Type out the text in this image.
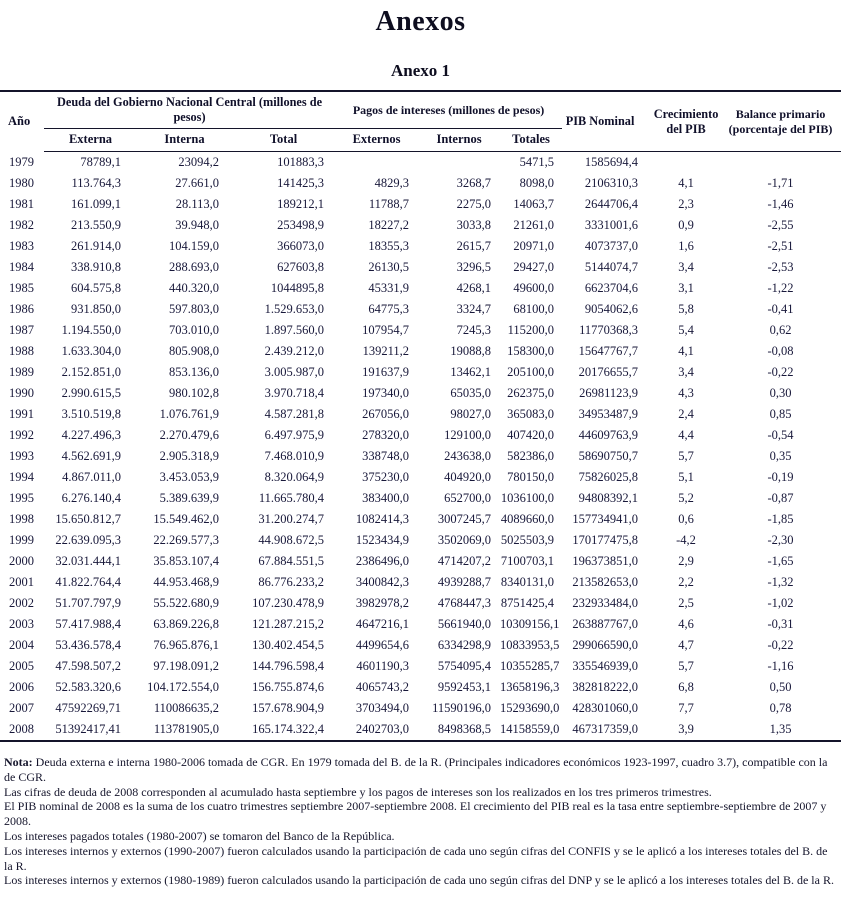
Anexos
Anexo 1
Año	Deuda del Gobierno Nacional Central (millones de pesos)			Pagos de intereses (millones de pesos)			PIB Nominal	Crecimiento del PIB	Balance primario (porcentaje del PIB)
	Externa	Interna	Total	Externos	Internos	Totales			
1979	78789,1	23094,2	101883,3			5471,5	1585694,4		
1980	113.764,3	27.661,0	141425,3	4829,3	3268,7	8098,0	2106310,3	4,1	-1,71
1981	161.099,1	28.113,0	189212,1	11788,7	2275,0	14063,7	2644706,4	2,3	-1,46
1982	213.550,9	39.948,0	253498,9	18227,2	3033,8	21261,0	3331001,6	0,9	-2,55
1983	261.914,0	104.159,0	366073,0	18355,3	2615,7	20971,0	4073737,0	1,6	-2,51
1984	338.910,8	288.693,0	627603,8	26130,5	3296,5	29427,0	5144074,7	3,4	-2,53
1985	604.575,8	440.320,0	1044895,8	45331,9	4268,1	49600,0	6623704,6	3,1	-1,22
1986	931.850,0	597.803,0	1.529.653,0	64775,3	3324,7	68100,0	9054062,6	5,8	-0,41
1987	1.194.550,0	703.010,0	1.897.560,0	107954,7	7245,3	115200,0	11770368,3	5,4	0,62
1988	1.633.304,0	805.908,0	2.439.212,0	139211,2	19088,8	158300,0	15647767,7	4,1	-0,08
1989	2.152.851,0	853.136,0	3.005.987,0	191637,9	13462,1	205100,0	20176655,7	3,4	-0,22
1990	2.990.615,5	980.102,8	3.970.718,4	197340,0	65035,0	262375,0	26981123,9	4,3	0,30
1991	3.510.519,8	1.076.761,9	4.587.281,8	267056,0	98027,0	365083,0	34953487,9	2,4	0,85
1992	4.227.496,3	2.270.479,6	6.497.975,9	278320,0	129100,0	407420,0	44609763,9	4,4	-0,54
1993	4.562.691,9	2.905.318,9	7.468.010,9	338748,0	243638,0	582386,0	58690750,7	5,7	0,35
1994	4.867.011,0	3.453.053,9	8.320.064,9	375230,0	404920,0	780150,0	75826025,8	5,1	-0,19
1995	6.276.140,4	5.389.639,9	11.665.780,4	383400,0	652700,0	1036100,0	94808392,1	5,2	-0,87
1998	15.650.812,7	15.549.462,0	31.200.274,7	1082414,3	3007245,7	4089660,0	157734941,0	0,6	-1,85
1999	22.639.095,3	22.269.577,3	44.908.672,5	1523434,9	3502069,0	5025503,9	170177475,8	-4,2	-2,30
2000	32.031.444,1	35.853.107,4	67.884.551,5	2386496,0	4714207,2	7100703,1	196373851,0	2,9	-1,65
2001	41.822.764,4	44.953.468,9	86.776.233,2	3400842,3	4939288,7	8340131,0	213582653,0	2,2	-1,32
2002	51.707.797,9	55.522.680,9	107.230.478,9	3982978,2	4768447,3	8751425,4	232933484,0	2,5	-1,02
2003	57.417.988,4	63.869.226,8	121.287.215,2	4647216,1	5661940,0	10309156,1	263887767,0	4,6	-0,31
2004	53.436.578,4	76.965.876,1	130.402.454,5	4499654,6	6334298,9	10833953,5	299066590,0	4,7	-0,22
2005	47.598.507,2	97.198.091,2	144.796.598,4	4601190,3	5754095,4	10355285,7	335546939,0	5,7	-1,16
2006	52.583.320,6	104.172.554,0	156.755.874,6	4065743,2	9592453,1	13658196,3	382818222,0	6,8	0,50
2007	47592269,71	110086635,2	157.678.904,9	3703494,0	11590196,0	15293690,0	428301060,0	7,7	0,78
2008	51392417,41	113781905,0	165.174.322,4	2402703,0	8498368,5	14158559,0	467317359,0	3,9	1,35

Nota: Deuda externa e interna 1980-2006 tomada de CGR. En 1979 tomada del B. de la R. (Principales indicadores económicos 1923-1997, cuadro 3.7), compatible con la de CGR.

Las cifras de deuda de 2008 corresponden al acumulado hasta septiembre y los pagos de intereses son los realizados en los tres primeros trimestres.

El PIB nominal de 2008 es la suma de los cuatro trimestres septiembre 2007-septiembre 2008. El crecimiento del PIB real es la tasa entre septiembre-septiembre de 2007 y 2008.

Los intereses pagados totales (1980-2007) se tomaron del Banco de la República.

Los intereses internos y externos (1990-2007) fueron calculados usando la participación de cada uno según cifras del CONFIS y se le aplicó a los intereses totales del B. de la R.

Los intereses internos y externos (1980-1989) fueron calculados usando la participación de cada uno según cifras del DNP y se le aplicó a los intereses totales del B. de la R.
